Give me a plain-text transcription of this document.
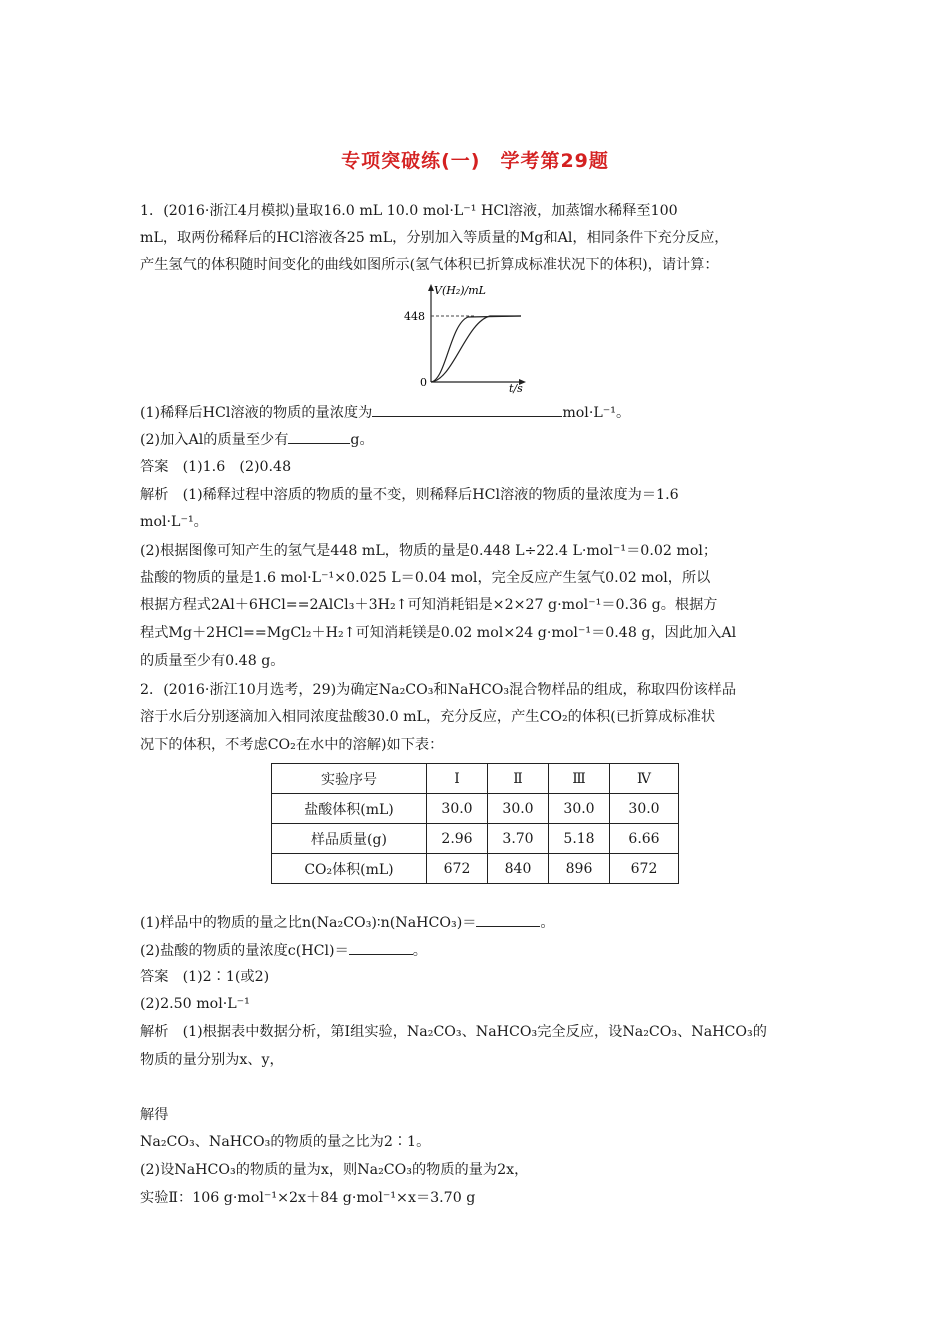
专项突破练(一)　学考第29题
1．(2016·浙江4月模拟)量取16.0 mL 10.0 mol·L⁻¹ HCl溶液，加蒸馏水稀释至100
mL，取两份稀释后的HCl溶液各25 mL，分别加入等质量的Mg和Al，相同条件下充分反应，
产生氢气的体积随时间变化的曲线如图所示(氢气体积已折算成标准状况下的体积)，请计算：
V(H₂)/mL
448
0	t/s
(1)稀释后HCl溶液的物质的量浓度为	mol·L⁻¹。
(2)加入Al的质量至少有	g。
答案　(1)1.6　(2)0.48
解析　(1)稀释过程中溶质的物质的量不变，则稀释后HCl溶液的物质的量浓度为＝1.6
mol·L⁻¹。
(2)根据图像可知产生的氢气是448 mL，物质的量是0.448 L÷22.4 L·mol⁻¹＝0.02 mol；
盐酸的物质的量是1.6 mol·L⁻¹×0.025 L＝0.04 mol，完全反应产生氢气0.02 mol，所以
根据方程式2Al＋6HCl==2AlCl₃＋3H₂↑可知消耗铝是×2×27 g·mol⁻¹＝0.36 g。根据方
程式Mg＋2HCl==MgCl₂＋H₂↑可知消耗镁是0.02 mol×24 g·mol⁻¹＝0.48 g，因此加入Al
的质量至少有0.48 g。
2．(2016·浙江10月选考，29)为确定Na₂CO₃和NaHCO₃混合物样品的组成，称取四份该样品
溶于水后分别逐滴加入相同浓度盐酸30.0 mL，充分反应，产生CO₂的体积(已折算成标准状
况下的体积，不考虑CO₂在水中的溶解)如下表：
实验序号	Ⅰ	Ⅱ	Ⅲ	Ⅳ
盐酸体积(mL)	30.0	30.0	30.0	30.0
样品质量(g)	2.96	3.70	5.18	6.66
CO₂体积(mL)	672	840	896	672
(1)样品中的物质的量之比n(Na₂CO₃)∶n(NaHCO₃)＝	。
(2)盐酸的物质的量浓度c(HCl)＝	。
答案　(1)2∶1(或2)
(2)2.50 mol·L⁻¹
解析　(1)根据表中数据分析，第Ⅰ组实验，Na₂CO₃、NaHCO₃完全反应，设Na₂CO₃、NaHCO₃的
物质的量分别为x、y，
解得
Na₂CO₃、NaHCO₃的物质的量之比为2∶1。
(2)设NaHCO₃的物质的量为x，则Na₂CO₃的物质的量为2x，
实验Ⅱ：106 g·mol⁻¹×2x＋84 g·mol⁻¹×x＝3.70 g
